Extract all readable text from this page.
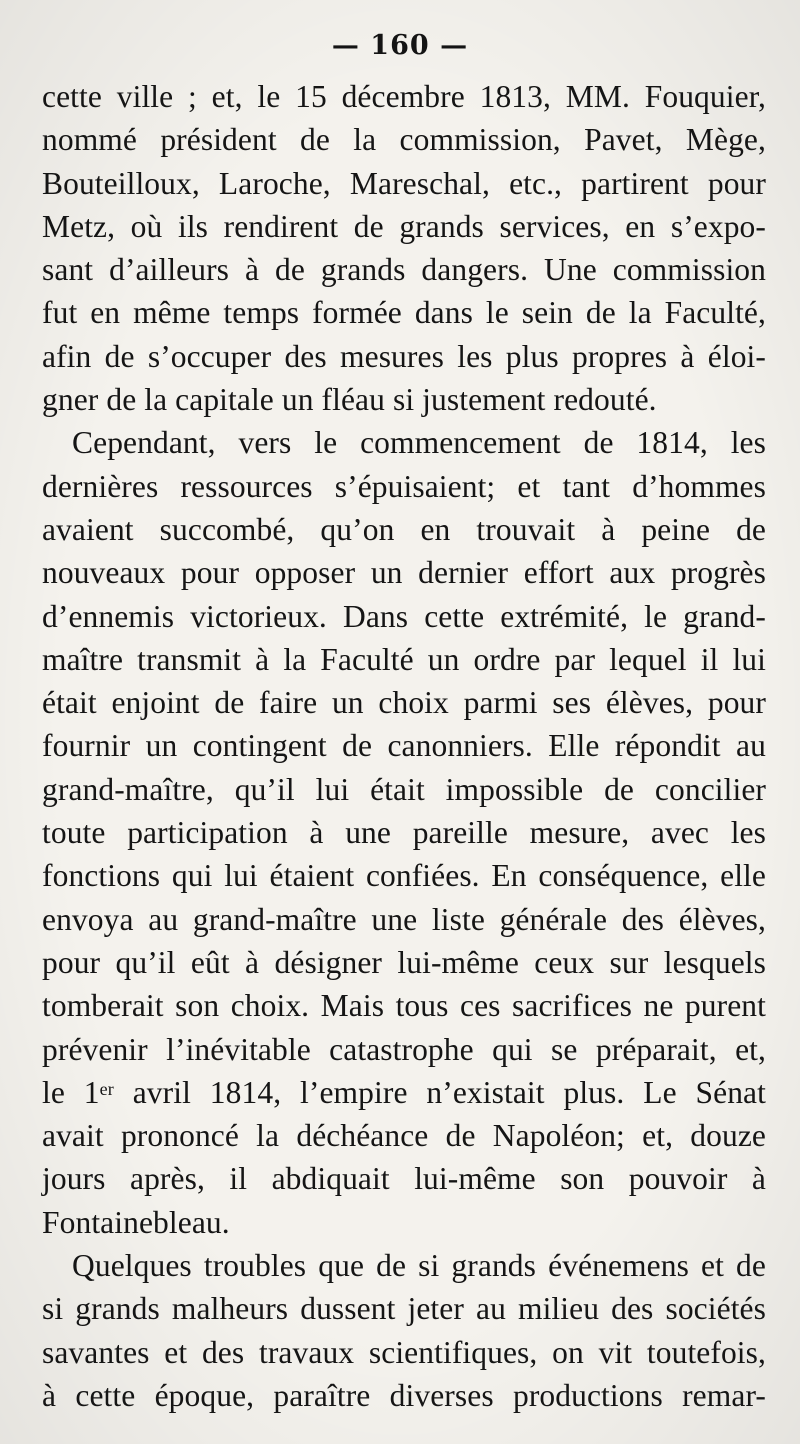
— 160 —
cette ville ; et, le 15 décembre 1813, MM. Fouquier,
nommé président de la commission, Pavet, Mège,
Bouteilloux, Laroche, Mareschal, etc., partirent pour
Metz, où ils rendirent de grands services, en s’expo-
sant d’ailleurs à de grands dangers. Une commission
fut en même temps formée dans le sein de la Faculté,
afin de s’occuper des mesures les plus propres à éloi-
gner de la capitale un fléau si justement redouté.
Cependant, vers le commencement de 1814, les
dernières ressources s’épuisaient; et tant d’hommes
avaient succombé, qu’on en trouvait à peine de
nouveaux pour opposer un dernier effort aux progrès
d’ennemis victorieux. Dans cette extrémité, le grand-
maître transmit à la Faculté un ordre par lequel il lui
était enjoint de faire un choix parmi ses élèves, pour
fournir un contingent de canonniers. Elle répondit au
grand-maître, qu’il lui était impossible de concilier
toute participation à une pareille mesure, avec les
fonctions qui lui étaient confiées. En conséquence, elle
envoya au grand-maître une liste générale des élèves,
pour qu’il eût à désigner lui-même ceux sur lesquels
tomberait son choix. Mais tous ces sacrifices ne purent
prévenir l’inévitable catastrophe qui se préparait, et,
le 1er avril 1814, l’empire n’existait plus. Le Sénat
avait prononcé la déchéance de Napoléon; et, douze
jours après, il abdiquait lui-même son pouvoir à
Fontainebleau.
Quelques troubles que de si grands événemens et de
si grands malheurs dussent jeter au milieu des sociétés
savantes et des travaux scientifiques, on vit toutefois,
à cette époque, paraître diverses productions remar-
